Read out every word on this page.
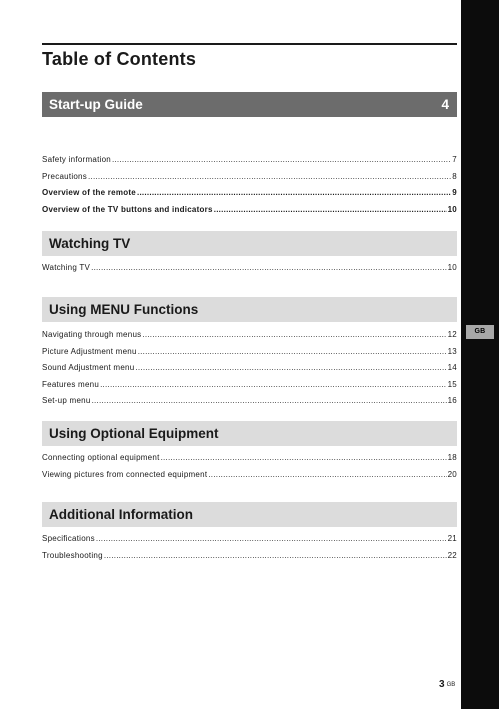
Table of Contents
Start-up Guide	4
Safety information .....	7
Precautions .....	8
Overview of the remote .....	9
Overview of the TV buttons and indicators .....	10
Watching TV
Watching TV .....	10
Using MENU Functions
Navigating through menus .....	12
Picture Adjustment menu .....	13
Sound Adjustment menu .....	14
Features menu .....	15
Set-up menu .....	16
Using Optional Equipment
Connecting optional equipment .....	18
Viewing pictures from connected equipment .....	20
Additional Information
Specifications .....	21
Troubleshooting .....	22
GB
3 GB
